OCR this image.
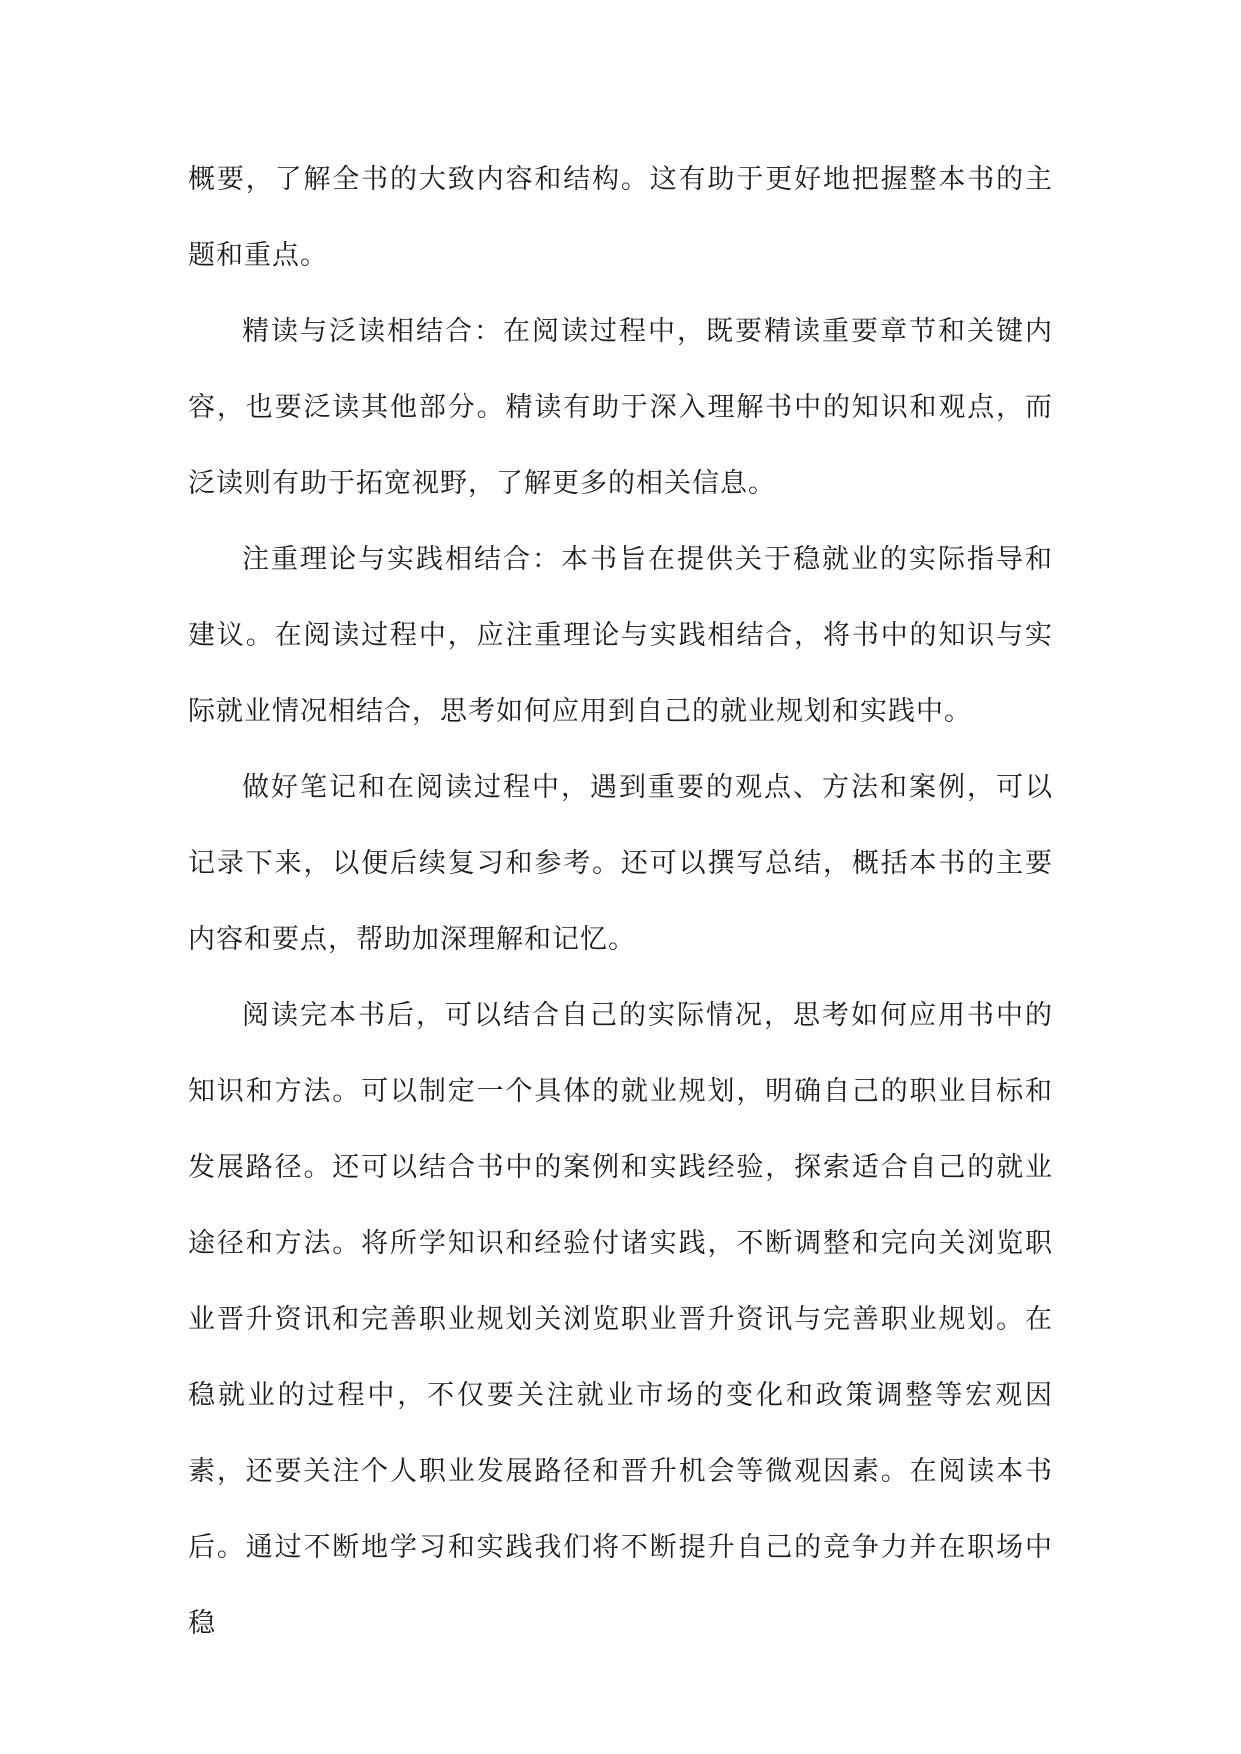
概要，了解全书的大致内容和结构。这有助于更好地把握整本书的主题和重点。

精读与泛读相结合：在阅读过程中，既要精读重要章节和关键内容，也要泛读其他部分。精读有助于深入理解书中的知识和观点，而泛读则有助于拓宽视野，了解更多的相关信息。

注重理论与实践相结合：本书旨在提供关于稳就业的实际指导和建议。在阅读过程中，应注重理论与实践相结合，将书中的知识与实际就业情况相结合，思考如何应用到自己的就业规划和实践中。

做好笔记和在阅读过程中，遇到重要的观点、方法和案例，可以记录下来，以便后续复习和参考。还可以撰写总结，概括本书的主要内容和要点，帮助加深理解和记忆。

阅读完本书后，可以结合自己的实际情况，思考如何应用书中的知识和方法。可以制定一个具体的就业规划，明确自己的职业目标和发展路径。还可以结合书中的案例和实践经验，探索适合自己的就业途径和方法。将所学知识和经验付诸实践，不断调整和完向关浏览职业晋升资讯和完善职业规划关浏览职业晋升资讯与完善职业规划。在稳就业的过程中，不仅要关注就业市场的变化和政策调整等宏观因素，还要关注个人职业发展路径和晋升机会等微观因素。在阅读本书后。通过不断地学习和实践我们将不断提升自己的竞争力并在职场中稳
